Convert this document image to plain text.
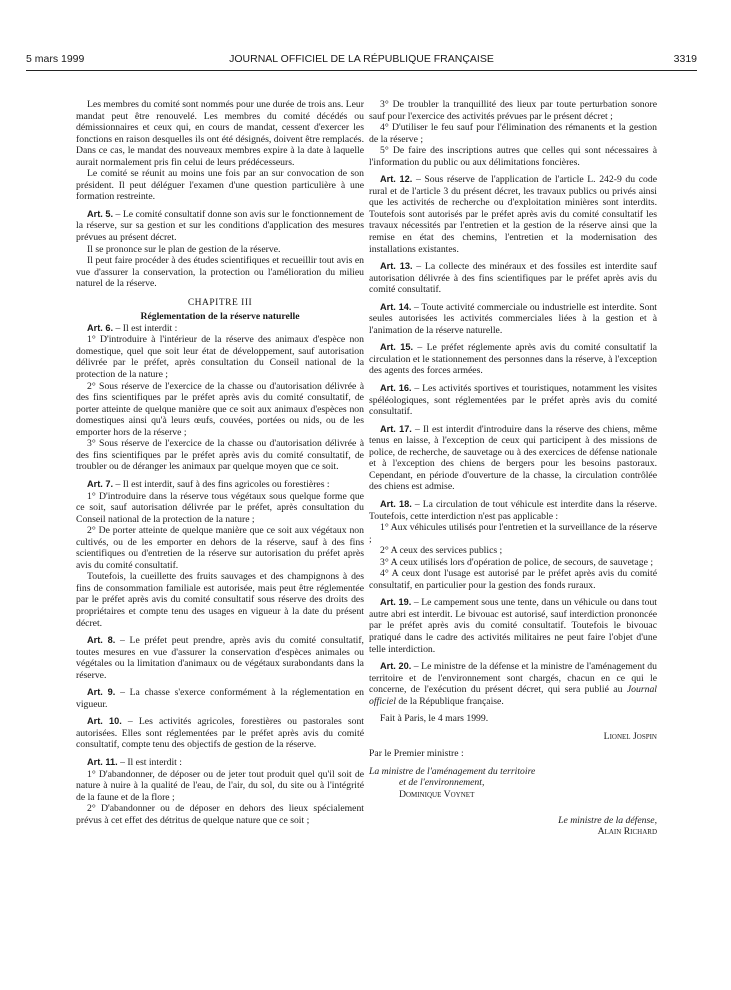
5 mars 1999	JOURNAL OFFICIEL DE LA RÉPUBLIQUE FRANÇAISE	3319

Les membres du comité sont nommés pour une durée de trois ans. Leur mandat peut être renouvelé. Les membres du comité décédés ou démissionnaires et ceux qui, en cours de mandat, cessent d'exercer les fonctions en raison desquelles ils ont été désignés, doivent être remplacés. Dans ce cas, le mandat des nouveaux membres expire à la date à laquelle aurait normalement pris fin celui de leurs prédécesseurs.

Le comité se réunit au moins une fois par an sur convocation de son président. Il peut déléguer l'examen d'une question particulière à une formation restreinte.

Art. 5. – Le comité consultatif donne son avis sur le fonctionnement de la réserve, sur sa gestion et sur les conditions d'application des mesures prévues au présent décret.

Il se prononce sur le plan de gestion de la réserve.

Il peut faire procéder à des études scientifiques et recueillir tout avis en vue d'assurer la conservation, la protection ou l'amélioration du milieu naturel de la réserve.

CHAPITRE III

Réglementation de la réserve naturelle

Art. 6. – Il est interdit :

1° D'introduire à l'intérieur de la réserve des animaux d'espèce non domestique, quel que soit leur état de développement, sauf autorisation délivrée par le préfet, après consultation du Conseil national de la protection de la nature ;

2° Sous réserve de l'exercice de la chasse ou d'autorisation délivrée à des fins scientifiques par le préfet après avis du comité consultatif, de porter atteinte de quelque manière que ce soit aux animaux d'espèces non domestiques ainsi qu'à leurs œufs, couvées, portées ou nids, ou de les emporter hors de la réserve ;

3° Sous réserve de l'exercice de la chasse ou d'autorisation délivrée à des fins scientifiques par le préfet après avis du comité consultatif, de troubler ou de déranger les animaux par quelque moyen que ce soit.

Art. 7. – Il est interdit, sauf à des fins agricoles ou forestières :

1° D'introduire dans la réserve tous végétaux sous quelque forme que ce soit, sauf autorisation délivrée par le préfet, après consultation du Conseil national de la protection de la nature ;

2° De porter atteinte de quelque manière que ce soit aux végétaux non cultivés, ou de les emporter en dehors de la réserve, sauf à des fins scientifiques ou d'entretien de la réserve sur autorisation du préfet après avis du comité consultatif.

Toutefois, la cueillette des fruits sauvages et des champignons à des fins de consommation familiale est autorisée, mais peut être réglementée par le préfet après avis du comité consultatif sous réserve des droits des propriétaires et compte tenu des usages en vigueur à la date du présent décret.

Art. 8. – Le préfet peut prendre, après avis du comité consultatif, toutes mesures en vue d'assurer la conservation d'espèces animales ou végétales ou la limitation d'animaux ou de végétaux surabondants dans la réserve.

Art. 9. – La chasse s'exerce conformément à la réglementation en vigueur.

Art. 10. – Les activités agricoles, forestières ou pastorales sont autorisées. Elles sont réglementées par le préfet après avis du comité consultatif, compte tenu des objectifs de gestion de la réserve.

Art. 11. – Il est interdit :

1° D'abandonner, de déposer ou de jeter tout produit quel qu'il soit de nature à nuire à la qualité de l'eau, de l'air, du sol, du site ou à l'intégrité de la faune et de la flore ;

2° D'abandonner ou de déposer en dehors des lieux spécialement prévus à cet effet des détritus de quelque nature que ce soit ;

3° De troubler la tranquillité des lieux par toute perturbation sonore sauf pour l'exercice des activités prévues par le présent décret ;

4° D'utiliser le feu sauf pour l'élimination des rémanents et la gestion de la réserve ;

5° De faire des inscriptions autres que celles qui sont nécessaires à l'information du public ou aux délimitations foncières.

Art. 12. – Sous réserve de l'application de l'article L. 242-9 du code rural et de l'article 3 du présent décret, les travaux publics ou privés ainsi que les activités de recherche ou d'exploitation minières sont interdits. Toutefois sont autorisés par le préfet après avis du comité consultatif les travaux nécessités par l'entretien et la gestion de la réserve ainsi que la remise en état des chemins, l'entretien et la modernisation des installations existantes.

Art. 13. – La collecte des minéraux et des fossiles est interdite sauf autorisation délivrée à des fins scientifiques par le préfet après avis du comité consultatif.

Art. 14. – Toute activité commerciale ou industrielle est interdite. Sont seules autorisées les activités commerciales liées à la gestion et à l'animation de la réserve naturelle.

Art. 15. – Le préfet réglemente après avis du comité consultatif la circulation et le stationnement des personnes dans la réserve, à l'exception des agents des forces armées.

Art. 16. – Les activités sportives et touristiques, notamment les visites spéléologiques, sont réglementées par le préfet après avis du comité consultatif.

Art. 17. – Il est interdit d'introduire dans la réserve des chiens, même tenus en laisse, à l'exception de ceux qui participent à des missions de police, de recherche, de sauvetage ou à des exercices de défense nationale et à l'exception des chiens de bergers pour les besoins pastoraux. Cependant, en période d'ouverture de la chasse, la circulation contrôlée des chiens est admise.

Art. 18. – La circulation de tout véhicule est interdite dans la réserve. Toutefois, cette interdiction n'est pas applicable :

1° Aux véhicules utilisés pour l'entretien et la surveillance de la réserve ;

2° A ceux des services publics ;

3° A ceux utilisés lors d'opération de police, de secours, de sauvetage ;

4° A ceux dont l'usage est autorisé par le préfet après avis du comité consultatif, en particulier pour la gestion des fonds ruraux.

Art. 19. – Le campement sous une tente, dans un véhicule ou dans tout autre abri est interdit. Le bivouac est autorisé, sauf interdiction prononcée par le préfet après avis du comité consultatif. Toutefois le bivouac pratiqué dans le cadre des activités militaires ne peut faire l'objet d'une telle interdiction.

Art. 20. – Le ministre de la défense et la ministre de l'aménagement du territoire et de l'environnement sont chargés, chacun en ce qui le concerne, de l'exécution du présent décret, qui sera publié au Journal officiel de la République française.

Fait à Paris, le 4 mars 1999.

Lionel Jospin

Par le Premier ministre :

La ministre de l'aménagement du territoire

et de l'environnement,

Dominique Voynet

Le ministre de la défense,

Alain Richard
